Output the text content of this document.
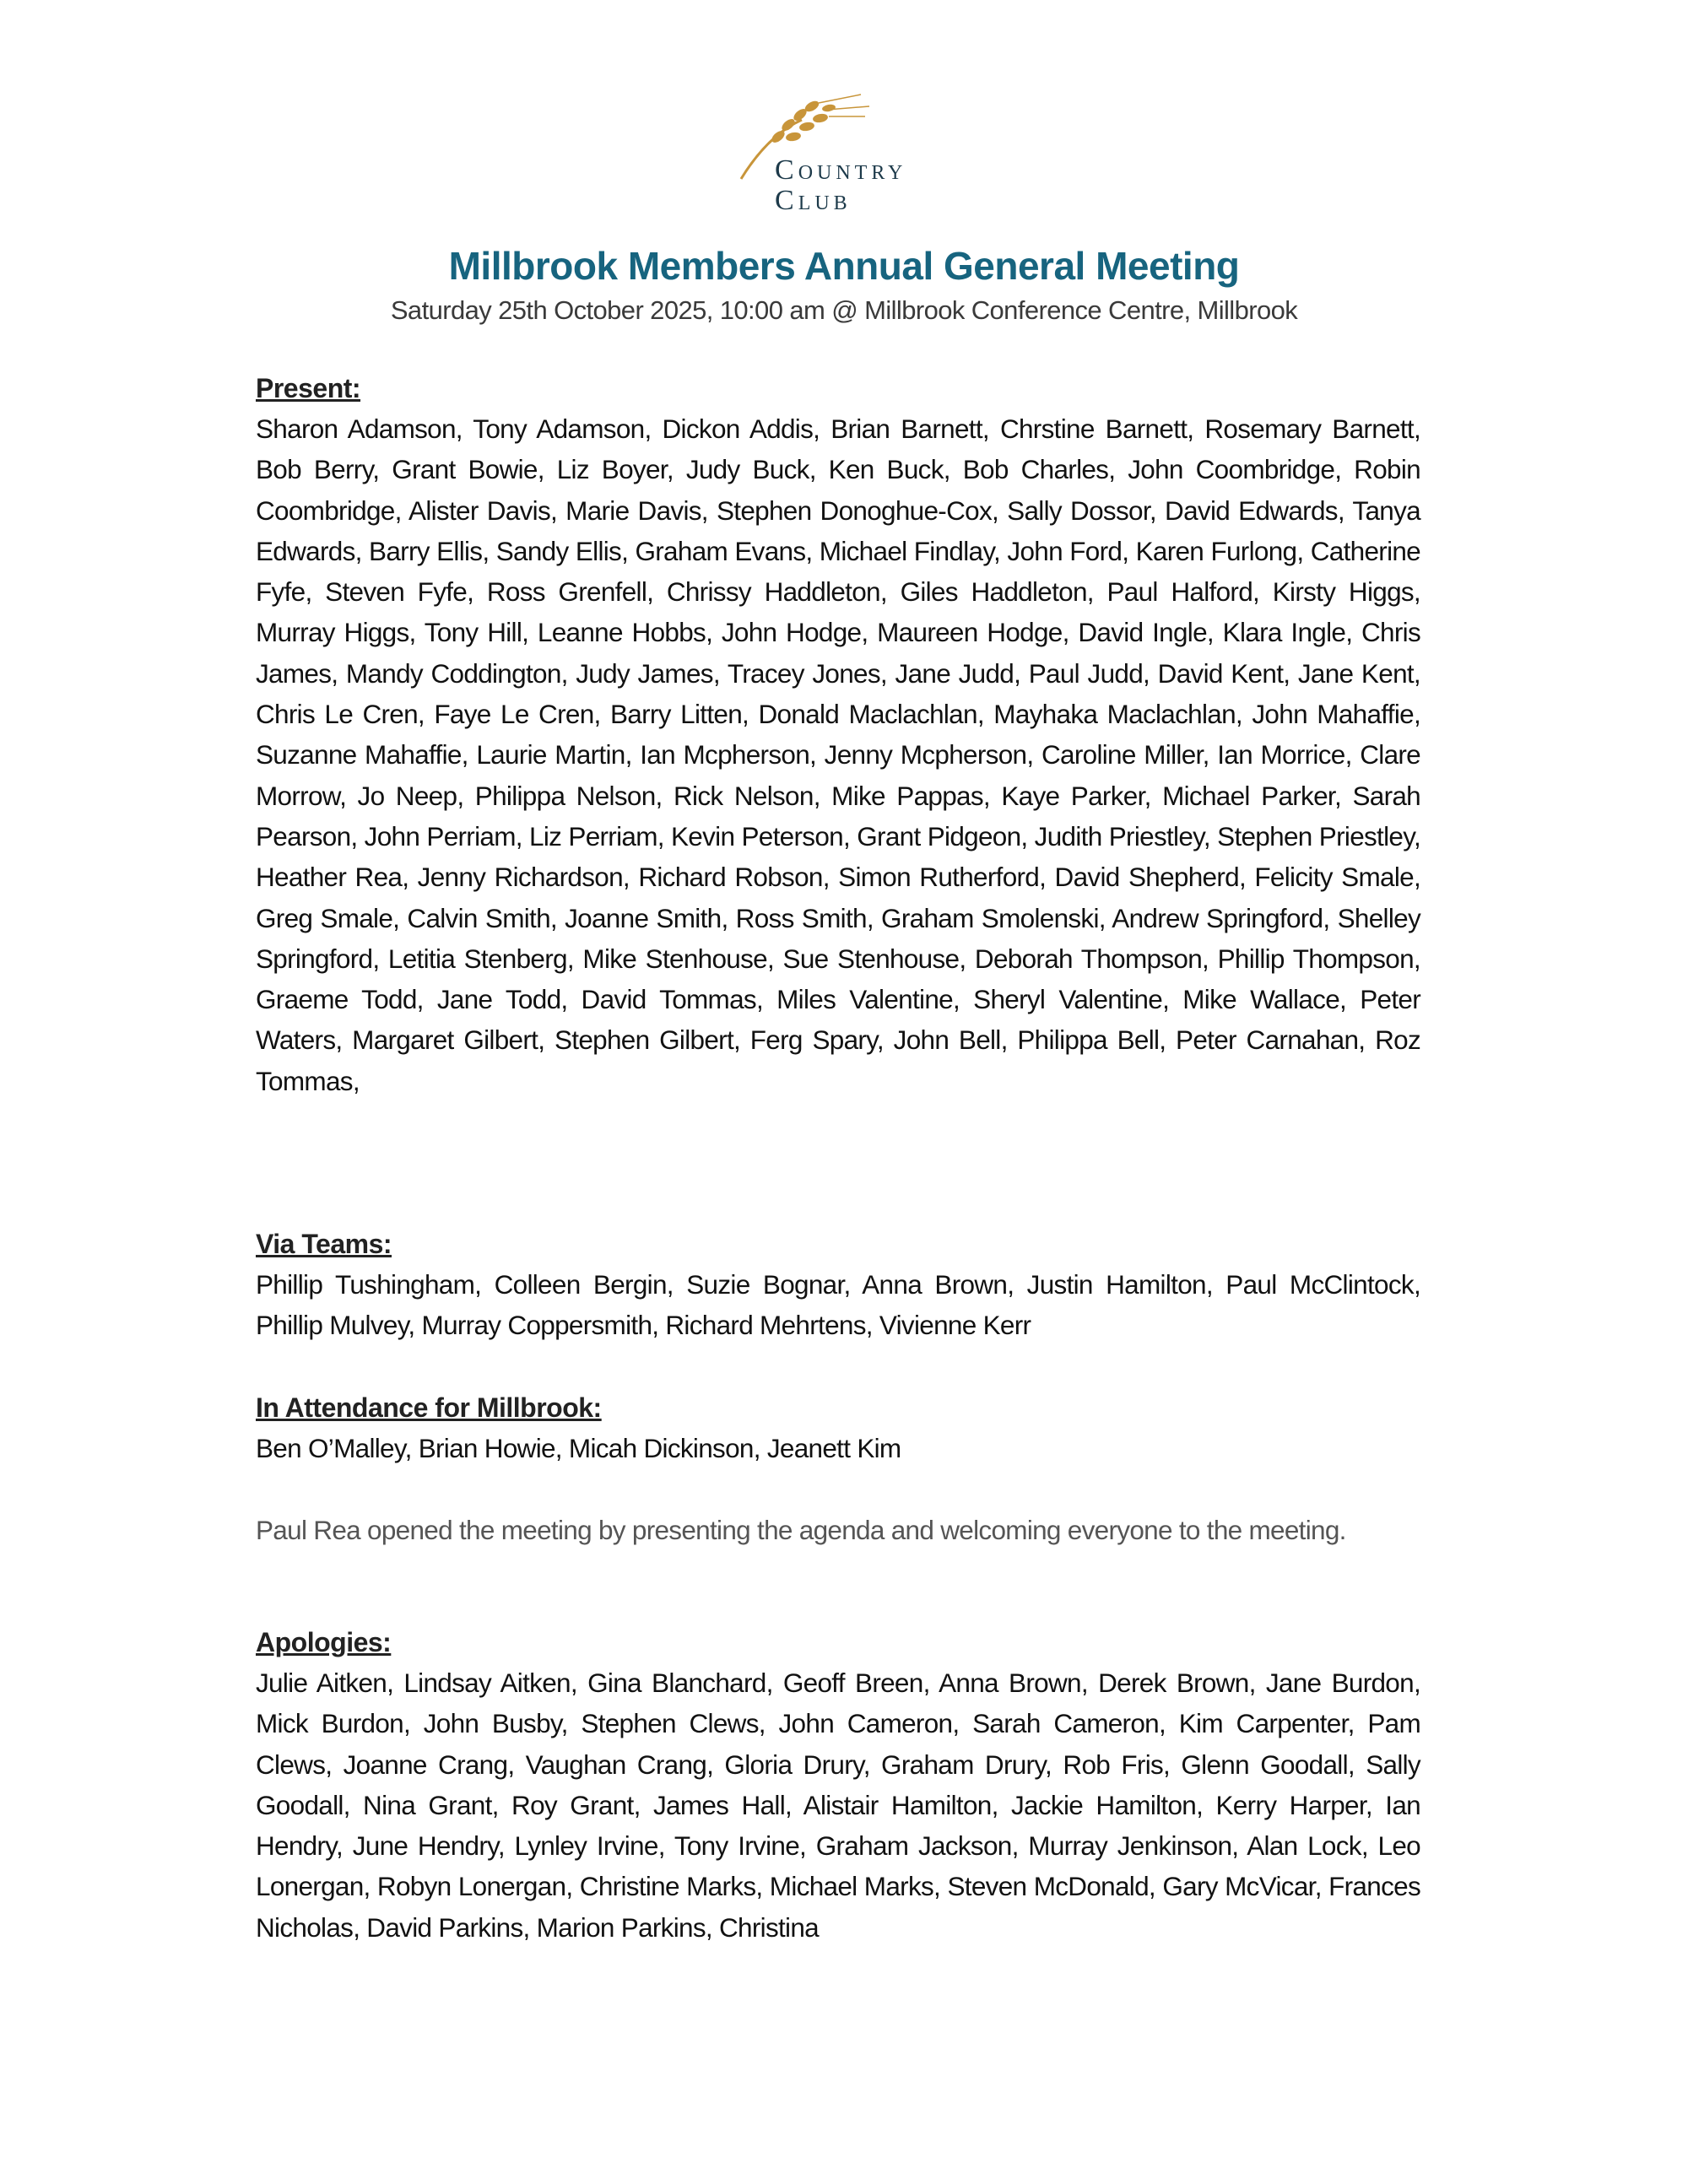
COUNTRY
CLUB
Millbrook Members Annual General Meeting
Saturday 25th October 2025, 10:00 am @ Millbrook Conference Centre, Millbrook
Present:
Sharon Adamson, Tony Adamson, Dickon Addis, Brian Barnett, Chrstine Barnett, Rosemary Barnett, Bob Berry, Grant Bowie, Liz Boyer, Judy Buck, Ken Buck, Bob Charles, John Coombridge, Robin Coombridge, Alister Davis, Marie Davis, Stephen Donoghue-Cox, Sally Dossor, David Edwards, Tanya Edwards, Barry Ellis, Sandy Ellis, Graham Evans, Michael Findlay, John Ford, Karen Furlong, Catherine Fyfe, Steven Fyfe, Ross Grenfell, Chrissy Haddleton, Giles Haddleton, Paul Halford, Kirsty Higgs, Murray Higgs, Tony Hill, Leanne Hobbs, John Hodge, Maureen Hodge, David Ingle, Klara Ingle, Chris James, Mandy Coddington, Judy James, Tracey Jones, Jane Judd, Paul Judd, David Kent, Jane Kent, Chris Le Cren, Faye Le Cren, Barry Litten, Donald Maclachlan, Mayhaka Maclachlan, John Mahaffie, Suzanne Mahaffie, Laurie Martin, Ian Mcpherson, Jenny Mcpherson, Caroline Miller, Ian Morrice, Clare Morrow, Jo Neep, Philippa Nelson, Rick Nelson, Mike Pappas, Kaye Parker, Michael Parker, Sarah Pearson, John Perriam, Liz Perriam, Kevin Peterson, Grant Pidgeon, Judith Priestley, Stephen Priestley, Heather Rea, Jenny Richardson, Richard Robson, Simon Rutherford, David Shepherd, Felicity Smale, Greg Smale, Calvin Smith, Joanne Smith, Ross Smith, Graham Smolenski, Andrew Springford, Shelley Springford, Letitia Stenberg, Mike Stenhouse, Sue Stenhouse, Deborah Thompson, Phillip Thompson, Graeme Todd, Jane Todd, David Tommas, Miles Valentine, Sheryl Valentine, Mike Wallace, Peter Waters, Margaret Gilbert, Stephen Gilbert, Ferg Spary, John Bell, Philippa Bell, Peter Carnahan, Roz Tommas,
Via Teams:
Phillip Tushingham, Colleen Bergin, Suzie Bognar, Anna Brown, Justin Hamilton, Paul McClintock, Phillip Mulvey, Murray Coppersmith, Richard Mehrtens, Vivienne Kerr
In Attendance for Millbrook:
Ben O’Malley, Brian Howie, Micah Dickinson, Jeanett Kim
Paul Rea opened the meeting by presenting the agenda and welcoming everyone to the meeting.
Apologies:
Julie Aitken, Lindsay Aitken, Gina Blanchard, Geoff Breen, Anna Brown, Derek Brown, Jane Burdon, Mick Burdon, John Busby, Stephen Clews, John Cameron, Sarah Cameron, Kim Carpenter, Pam Clews, Joanne Crang, Vaughan Crang, Gloria Drury, Graham Drury, Rob Fris, Glenn Goodall, Sally Goodall, Nina Grant, Roy Grant, James Hall, Alistair Hamilton, Jackie Hamilton, Kerry Harper, Ian Hendry, June Hendry, Lynley Irvine, Tony Irvine, Graham Jackson, Murray Jenkinson, Alan Lock, Leo Lonergan, Robyn Lonergan, Christine Marks, Michael Marks, Steven McDonald, Gary McVicar, Frances Nicholas, David Parkins, Marion Parkins, Christina
